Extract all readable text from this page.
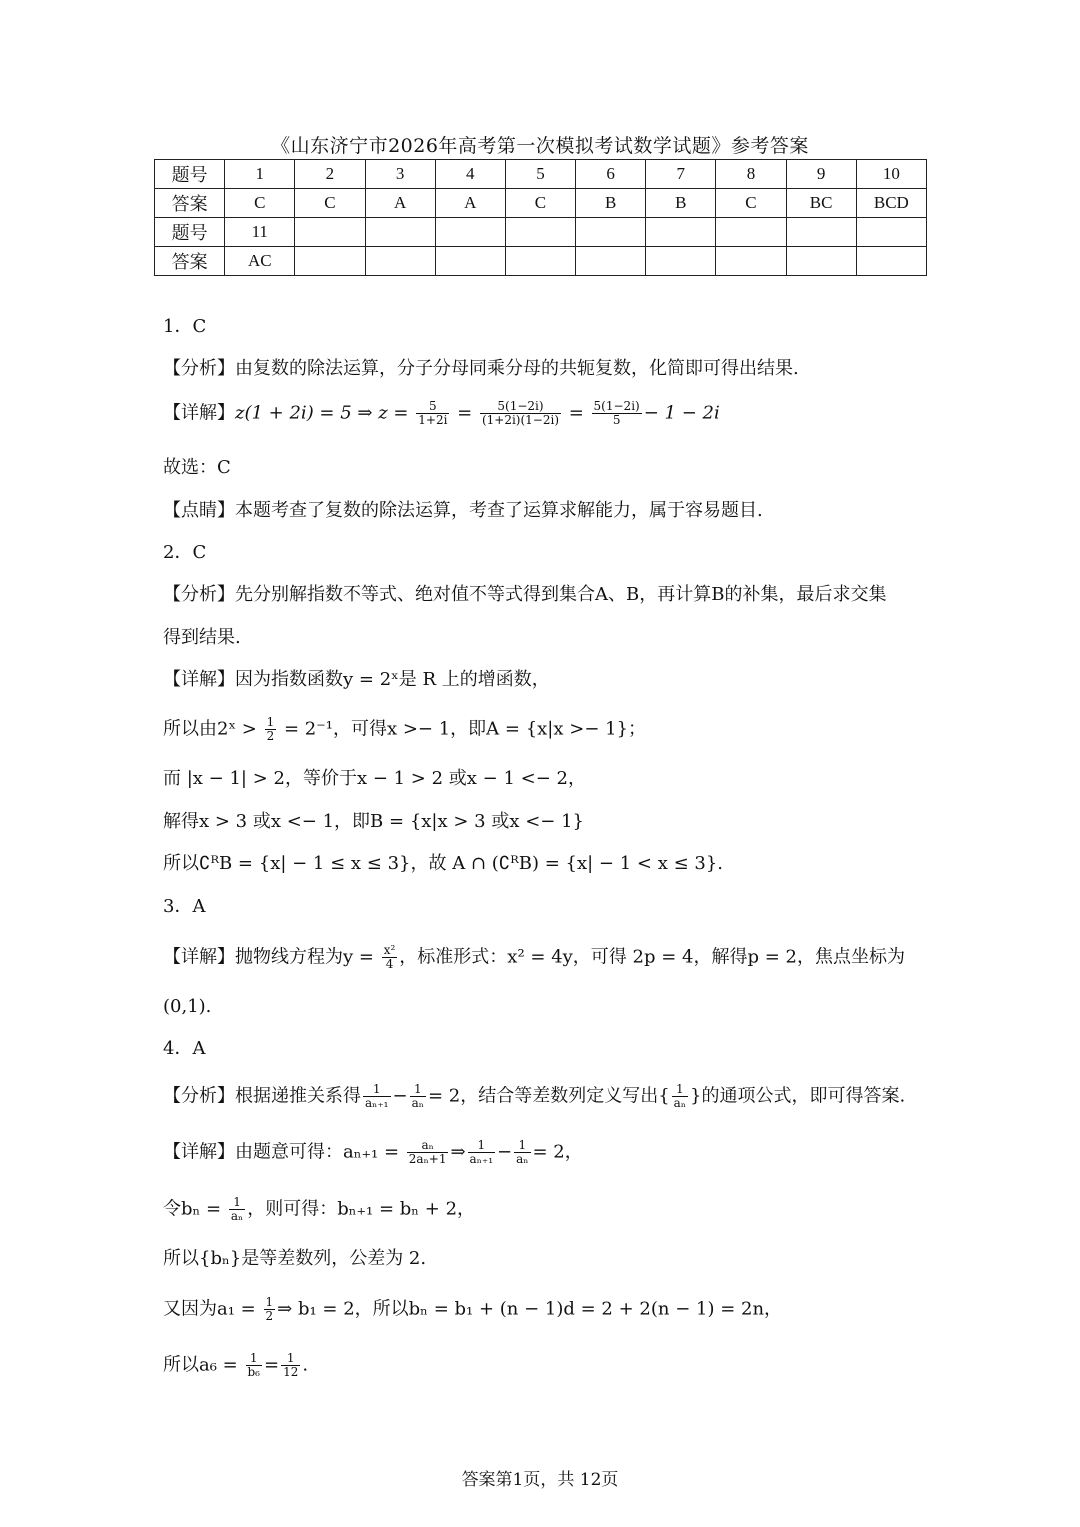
《山东济宁市2026年高考第一次模拟考试数学试题》参考答案
题号	1	2	3	4	5	6	7	8	9	10
答案	C	C	A	A	C	B	B	C	BC	BCD
题号	11									
答案	AC									
1．C
【分析】由复数的除法运算，分子分母同乘分母的共轭复数，化简即可得出结果.
【详解】z(1 + 2i) = 5 ⇒ $z = \frac{5}{1+2i} = \frac{5(1-2i)}{(1+2i)(1-2i)} = \frac{5(1-2i)}{5} - 1 - 2i$
故选：C
【点睛】本题考查了复数的除法运算，考查了运算求解能力，属于容易题目.
2．C
【分析】先分别解指数不等式、绝对值不等式得到集合A、B，再计算B的补集，最后求交集
得到结果.
【详解】因为指数函数y = 2ˣ是 R 上的增函数，
所以由2ˣ > $\frac{1}{2} = 2^{-1}$，可得x >− 1，即A = {x|x >− 1}；
而 |x − 1| > 2，等价于x − 1 > 2 或x − 1 <− 2，
解得x > 3 或x <− 1，即B = {x|x > 3 或x <− 1}
所以∁ᴿB = {x| − 1 ≤ x ≤ 3}，故 A ∩ (∁ᴿB) = {x| − 1 < x ≤ 3}.
3．A
【详解】抛物线方程为$y = \frac{\text{x²}}{4}$ ，标准形式：x² = 4y，可得 2p = 4，解得p = 2，焦点坐标为
(0,1).
4．A
【分析】根据递推关系得 $\frac{1}{\text{aₙ₊₁}} - \frac{1}{\text{aₙ}} = 2$，结合等差数列定义写出{ $\frac{1}{\text{aₙ}}$ }的通项公式，即可得答案.
【详解】由题意可得：$a_{n+1} = \frac{\text{aₙ}}{\text{2aₙ+1}}$ ⇒ $\frac{1}{\text{aₙ₊₁}} - \frac{1}{\text{aₙ}} = 2$，
令$b_n = \frac{1}{\text{aₙ}}$ ，则可得：bₙ₊₁ = bₙ + 2，
所以{bₙ}是等差数列，公差为 2.
又因为$a_1 = \frac{1}{2}$ ⇒ b₁ = 2，所以bₙ = b₁ + (n − 1)d = 2 + 2(n − 1) = 2n，
所以$a_6 = \frac{1}{\text{b₆}} = \frac{1}{12}$ .
答案第1页，共 12页
